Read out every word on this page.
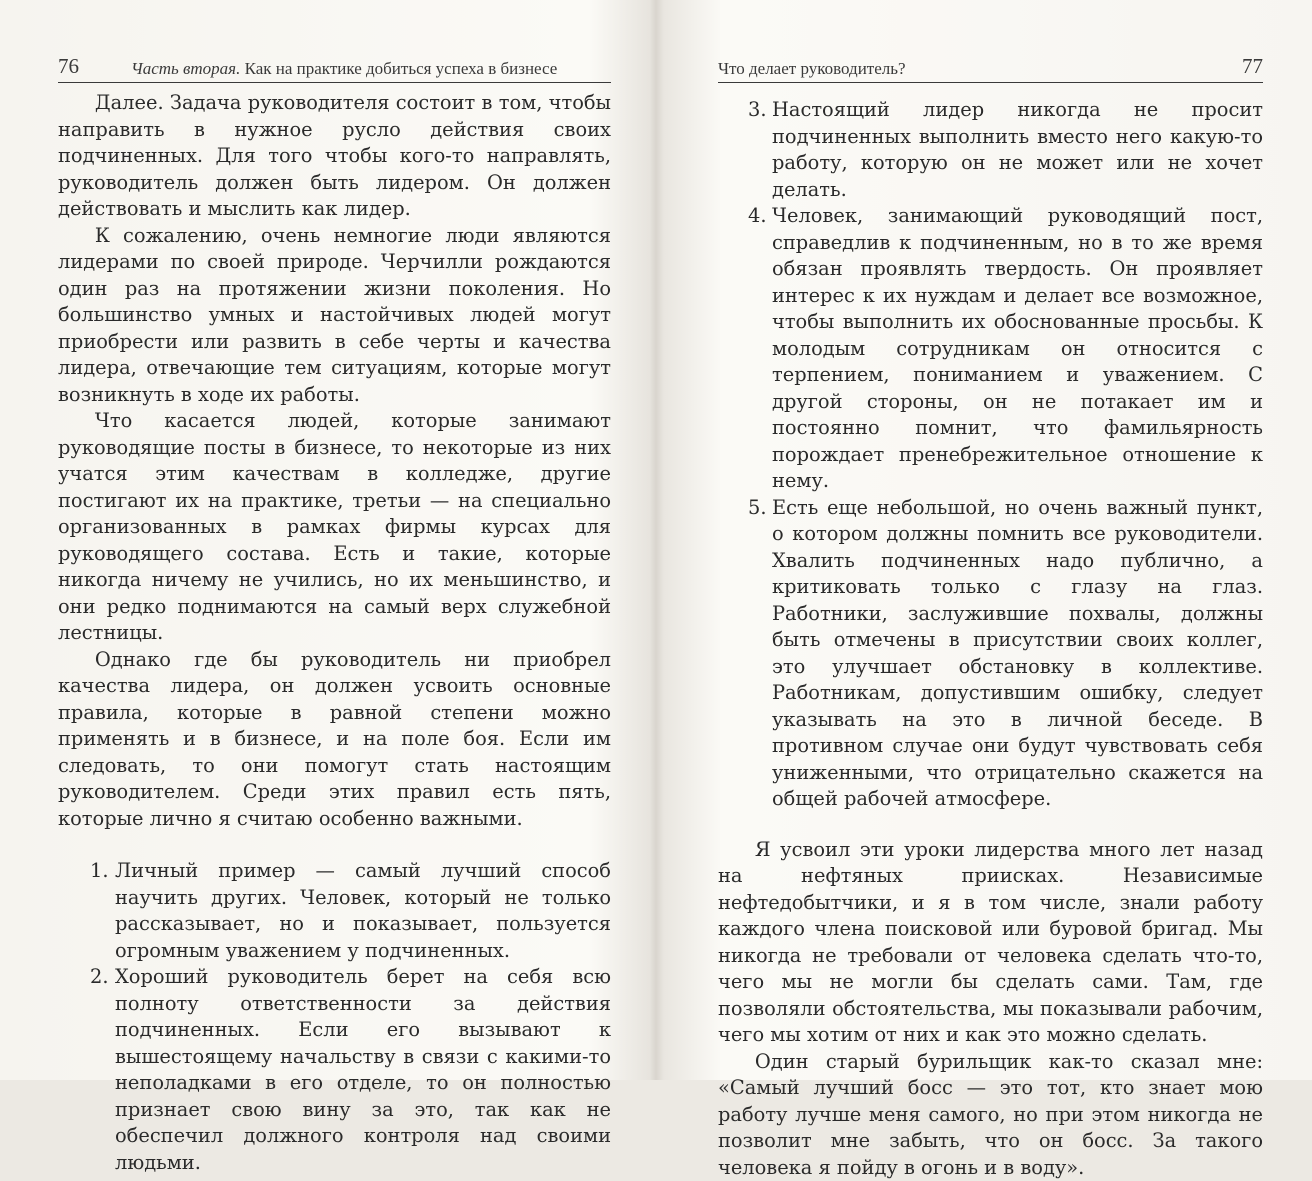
76	Часть вторая. Как на практике добиться успеха в бизнесе

Далее. Задача руководителя состоит в том, чтобы направить в нужное русло действия своих подчиненных. Для того чтобы кого-то направлять, руководитель должен быть лидером. Он должен действовать и мыслить как лидер.

К сожалению, очень немногие люди являются лидерами по своей природе. Черчилли рождаются один раз на протяжении жизни поколения. Но большинство умных и настойчивых людей могут приобрести или развить в себе черты и качества лидера, отвечающие тем ситуациям, которые могут возникнуть в ходе их работы.

Что касается людей, которые занимают руководящие посты в бизнесе, то некоторые из них учатся этим качествам в колледже, другие постигают их на практике, третьи — на специально организованных в рамках фирмы курсах для руководящего состава. Есть и такие, которые никогда ничему не учились, но их меньшинство, и они редко поднимаются на самый верх служебной лестницы.

Однако где бы руководитель ни приобрел качества лидера, он должен усвоить основные правила, которые в равной степени можно применять и в бизнесе, и на поле боя. Если им следовать, то они помогут стать настоящим руководителем. Среди этих правил есть пять, которые лично я считаю особенно важными.

1. Личный пример — самый лучший способ научить других. Человек, который не только рассказывает, но и показывает, пользуется огромным уважением у подчиненных.
2. Хороший руководитель берет на себя всю полноту ответственности за действия подчиненных. Если его вызывают к вышестоящему начальству в связи с какими-то неполадками в его отделе, то он полностью признает свою вину за это, так как не обеспечил должного контроля над своими людьми.
Что делает руководитель?	77
3. Настоящий лидер никогда не просит подчиненных выполнить вместо него какую-то работу, которую он не может или не хочет делать.
4. Человек, занимающий руководящий пост, справедлив к подчиненным, но в то же время обязан проявлять твердость. Он проявляет интерес к их нуждам и делает все возможное, чтобы выполнить их обоснованные просьбы. К молодым сотрудникам он относится с терпением, пониманием и уважением. С другой стороны, он не потакает им и постоянно помнит, что фамильярность порождает пренебрежительное отношение к нему.
5. Есть еще небольшой, но очень важный пункт, о котором должны помнить все руководители. Хвалить подчиненных надо публично, а критиковать только с глазу на глаз. Работники, заслужившие похвалы, должны быть отмечены в присутствии своих коллег, это улучшает обстановку в коллективе. Работникам, допустившим ошибку, следует указывать на это в личной беседе. В противном случае они будут чувствовать себя униженными, что отрицательно скажется на общей рабочей атмосфере.

Я усвоил эти уроки лидерства много лет назад на нефтяных приисках. Независимые нефтедобытчики, и я в том числе, знали работу каждого члена поисковой или буровой бригад. Мы никогда не требовали от человека сделать что-то, чего мы не могли бы сделать сами. Там, где позволяли обстоятельства, мы показывали рабочим, чего мы хотим от них и как это можно сделать.

Один старый бурильщик как-то сказал мне: «Самый лучший босс — это тот, кто знает мою работу лучше меня самого, но при этом никогда не позволит мне забыть, что он босс. За такого человека я пойду в огонь и в воду».
